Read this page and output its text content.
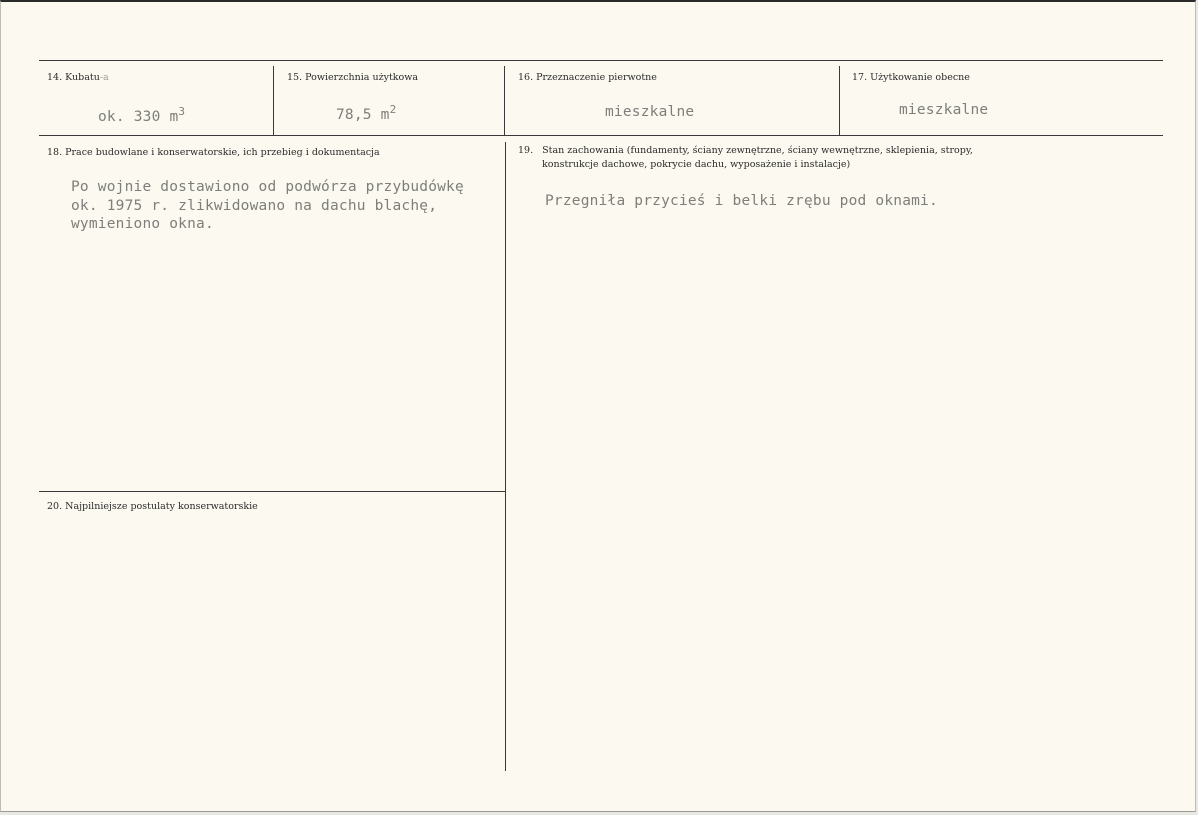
14. Kubatu‐a
ok. 330 $m^3$
15. Powierzchnia użytkowa
78,5 $m^2$
16. Przeznaczenie pierwotne
mieszkalne
17. Użytkowanie obecne
mieszkalne
18. Prace budowlane i konserwatorskie, ich przebieg i dokumentacja
Po wojnie dostawiono od podwórza przybudówkę
ok. 1975 r. zlikwidowano na dachu blachę,
wymieniono okna.
19.   Stan zachowania (fundamenty, ściany zewnętrzne, ściany wewnętrzne, sklepienia, stropy,
konstrukcje dachowe, pokrycie dachu, wyposażenie i instalacje)
Przegniła przycieś i belki zrębu pod oknami.
20. Najpilniejsze postulaty konserwatorskie
